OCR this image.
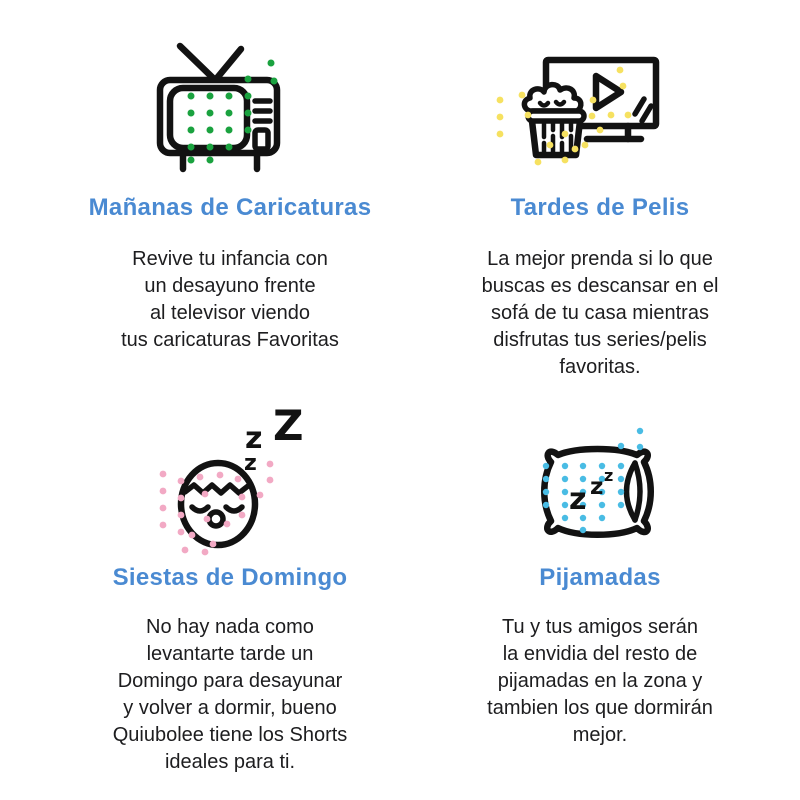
Mañanas de Caricaturas
Revive tu infancia con
un desayuno frente
al televisor viendo
tus caricaturas Favoritas
Tardes de Pelis
La mejor prenda si lo que
buscas es descansar en el
sofá de tu casa mientras
disfrutas tus series/pelis
favoritas.
Z
z
z
Siestas de Domingo
No hay nada como
levantarte tarde un
Domingo para desayunar
y volver a dormir, bueno
Quiubolee tiene los Shorts
ideales para ti.
z z z
Pijamadas
Tu y tus amigos serán
la envidia del resto de
pijamadas en la zona y
tambien los que dormirán
mejor.
